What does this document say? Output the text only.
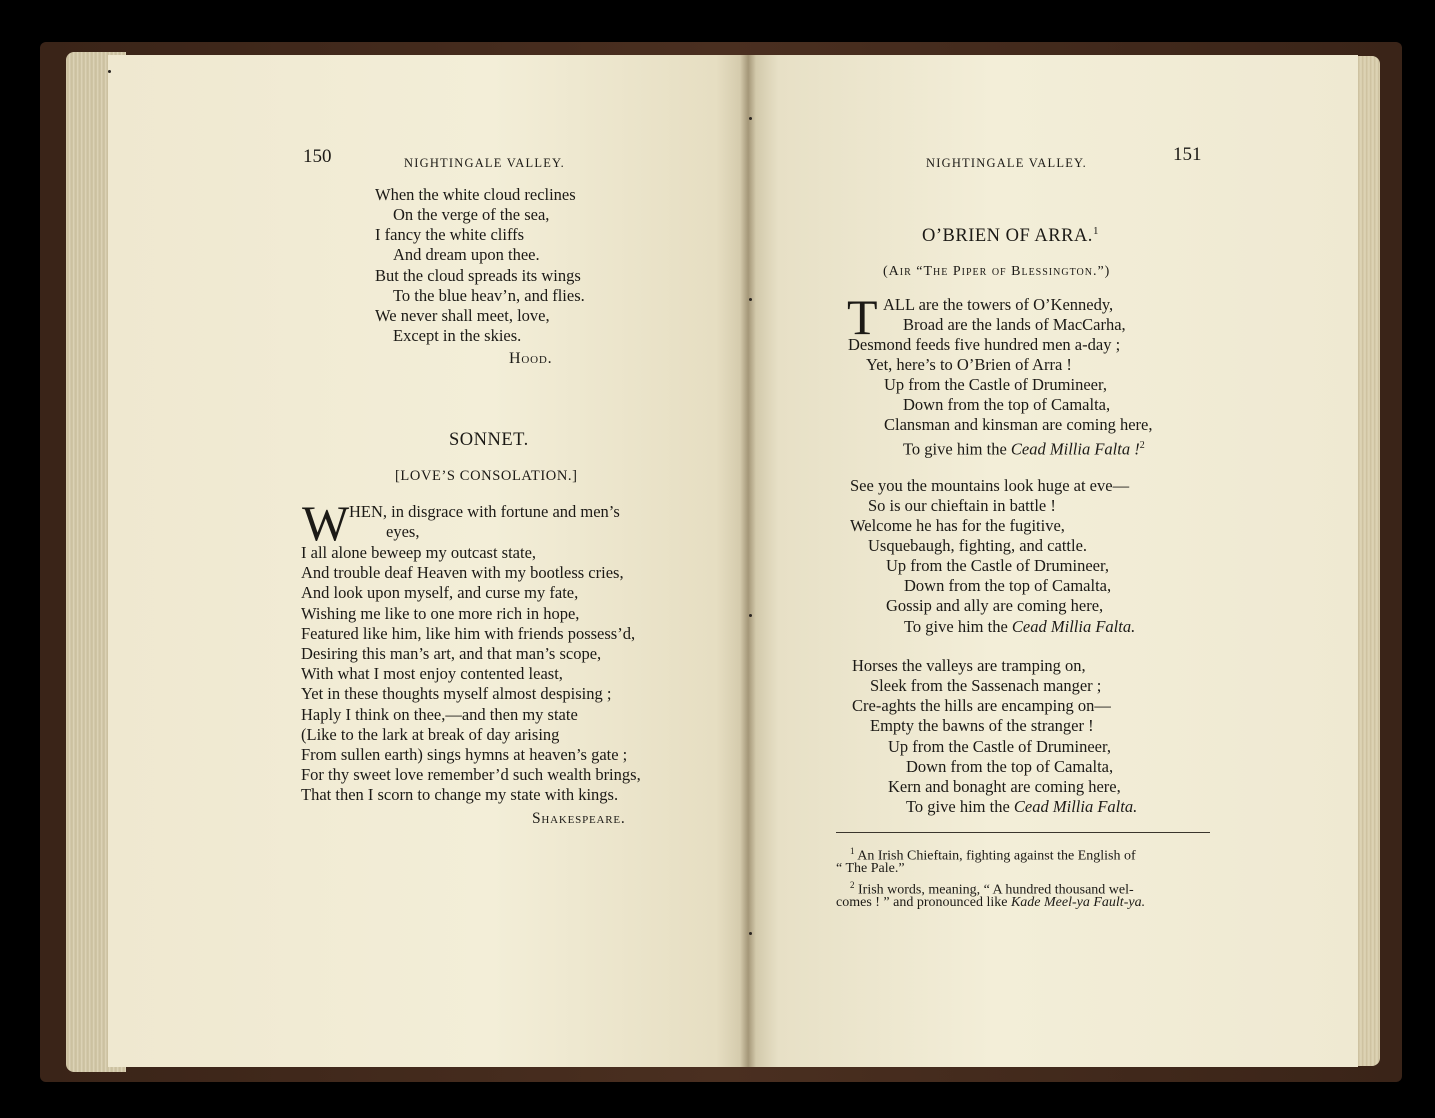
150	NIGHTINGALE VALLEY.
When the white cloud reclines
On the verge of the sea,
I fancy the white cliffs
And dream upon thee.
But the cloud spreads its wings
To the blue heav’n, and flies.
We never shall meet, love,
Except in the skies.
Hood.
SONNET.
[LOVE’S CONSOLATION.]
W HEN, in disgrace with fortune and men’s
eyes,
I all alone beweep my outcast state,
And trouble deaf Heaven with my bootless cries,
And look upon myself, and curse my fate,
Wishing me like to one more rich in hope,
Featured like him, like him with friends possess’d,
Desiring this man’s art, and that man’s scope,
With what I most enjoy contented least,
Yet in these thoughts myself almost despising ;
Haply I think on thee,—and then my state
(Like to the lark at break of day arising
From sullen earth) sings hymns at heaven’s gate ;
For thy sweet love remember’d such wealth brings,
That then I scorn to change my state with kings.
Shakespeare.
NIGHTINGALE VALLEY.	151
O’BRIEN OF ARRA.$^1$
(Air “The Piper of Blessington.”)
T ALL are the towers of O’Kennedy,
Broad are the lands of MacCarha,
Desmond feeds five hundred men a-day ;
Yet, here’s to O’Brien of Arra !
Up from the Castle of Drumineer,
Down from the top of Camalta,
Clansman and kinsman are coming here,
To give him the Cead Millia Falta !$^2$
See you the mountains look huge at eve—
So is our chieftain in battle !
Welcome he has for the fugitive,
Usquebaugh, fighting, and cattle.
Up from the Castle of Drumineer,
Down from the top of Camalta,
Gossip and ally are coming here,
To give him the Cead Millia Falta.
Horses the valleys are tramping on,
Sleek from the Sassenach manger ;
Cre-aghts the hills are encamping on—
Empty the bawns of the stranger !
Up from the Castle of Drumineer,
Down from the top of Camalta,
Kern and bonaght are coming here,
To give him the Cead Millia Falta.
$^1$ An Irish Chieftain, fighting against the English of
“ The Pale.”
$^2$ Irish words, meaning, “ A hundred thousand wel-
comes ! ” and pronounced like Kade Meel-ya Fault-ya.
